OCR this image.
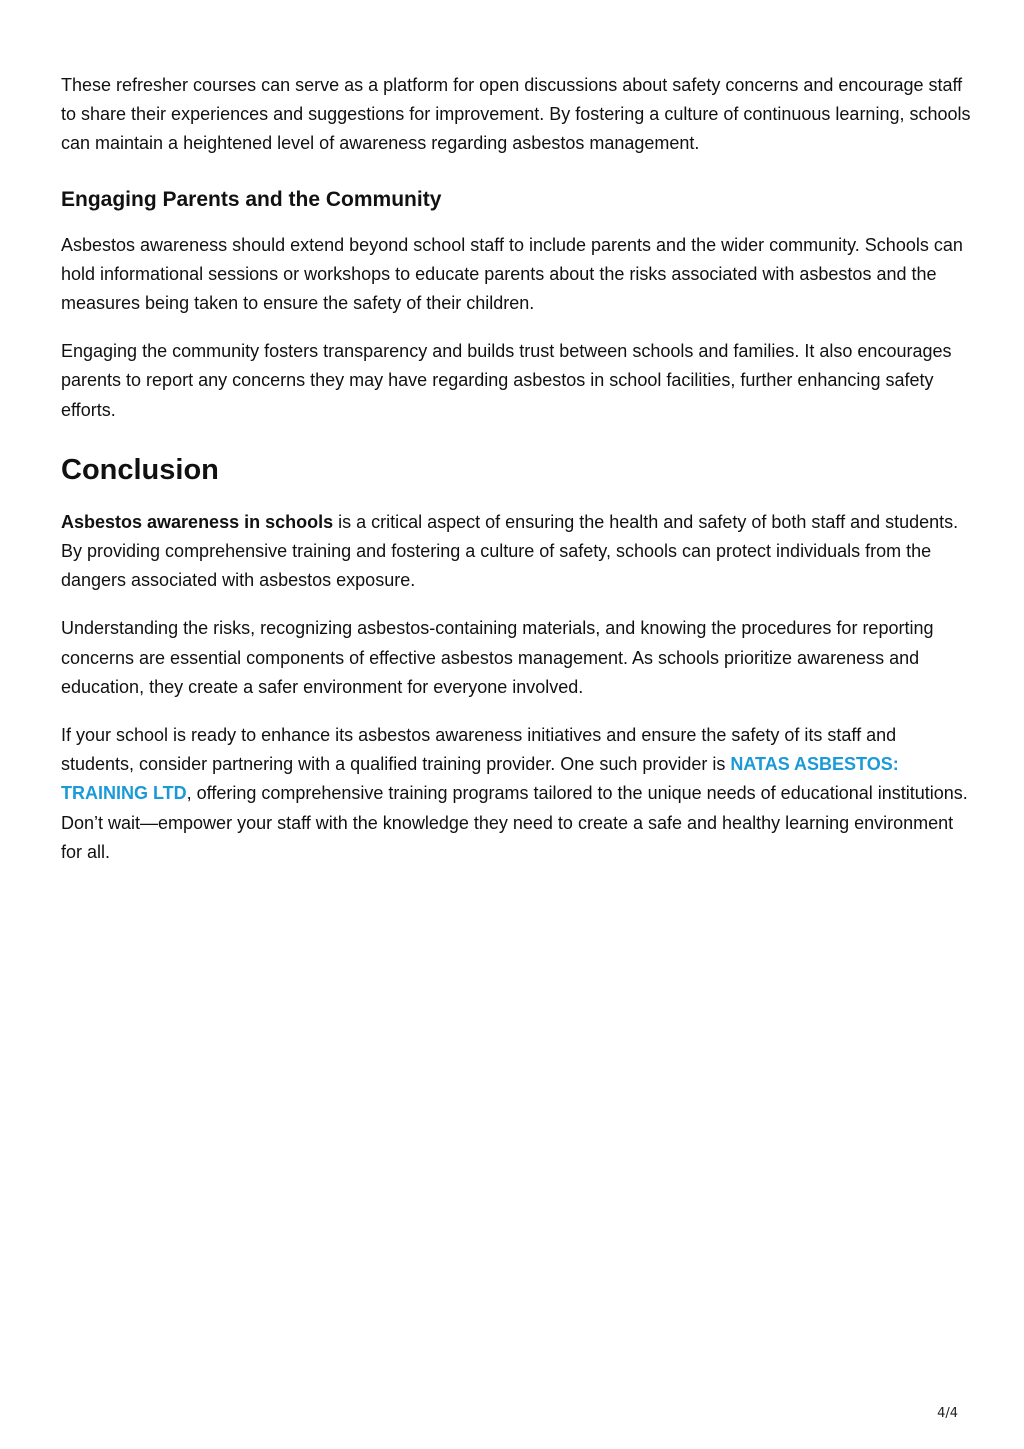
These refresher courses can serve as a platform for open discussions about safety concerns and encourage staff to share their experiences and suggestions for improvement. By fostering a culture of continuous learning, schools can maintain a heightened level of awareness regarding asbestos management.

Engaging Parents and the Community

Asbestos awareness should extend beyond school staff to include parents and the wider community. Schools can hold informational sessions or workshops to educate parents about the risks associated with asbestos and the measures being taken to ensure the safety of their children.

Engaging the community fosters transparency and builds trust between schools and families. It also encourages parents to report any concerns they may have regarding asbestos in school facilities, further enhancing safety efforts.

Conclusion

Asbestos awareness in schools is a critical aspect of ensuring the health and safety of both staff and students. By providing comprehensive training and fostering a culture of safety, schools can protect individuals from the dangers associated with asbestos exposure.

Understanding the risks, recognizing asbestos-containing materials, and knowing the procedures for reporting concerns are essential components of effective asbestos management. As schools prioritize awareness and education, they create a safer environment for everyone involved.

If your school is ready to enhance its asbestos awareness initiatives and ensure the safety of its staff and students, consider partnering with a qualified training provider. One such provider is NATAS ASBESTOS: TRAINING LTD, offering comprehensive training programs tailored to the unique needs of educational institutions. Don’t wait—empower your staff with the knowledge they need to create a safe and healthy learning environment for all.

4/4
